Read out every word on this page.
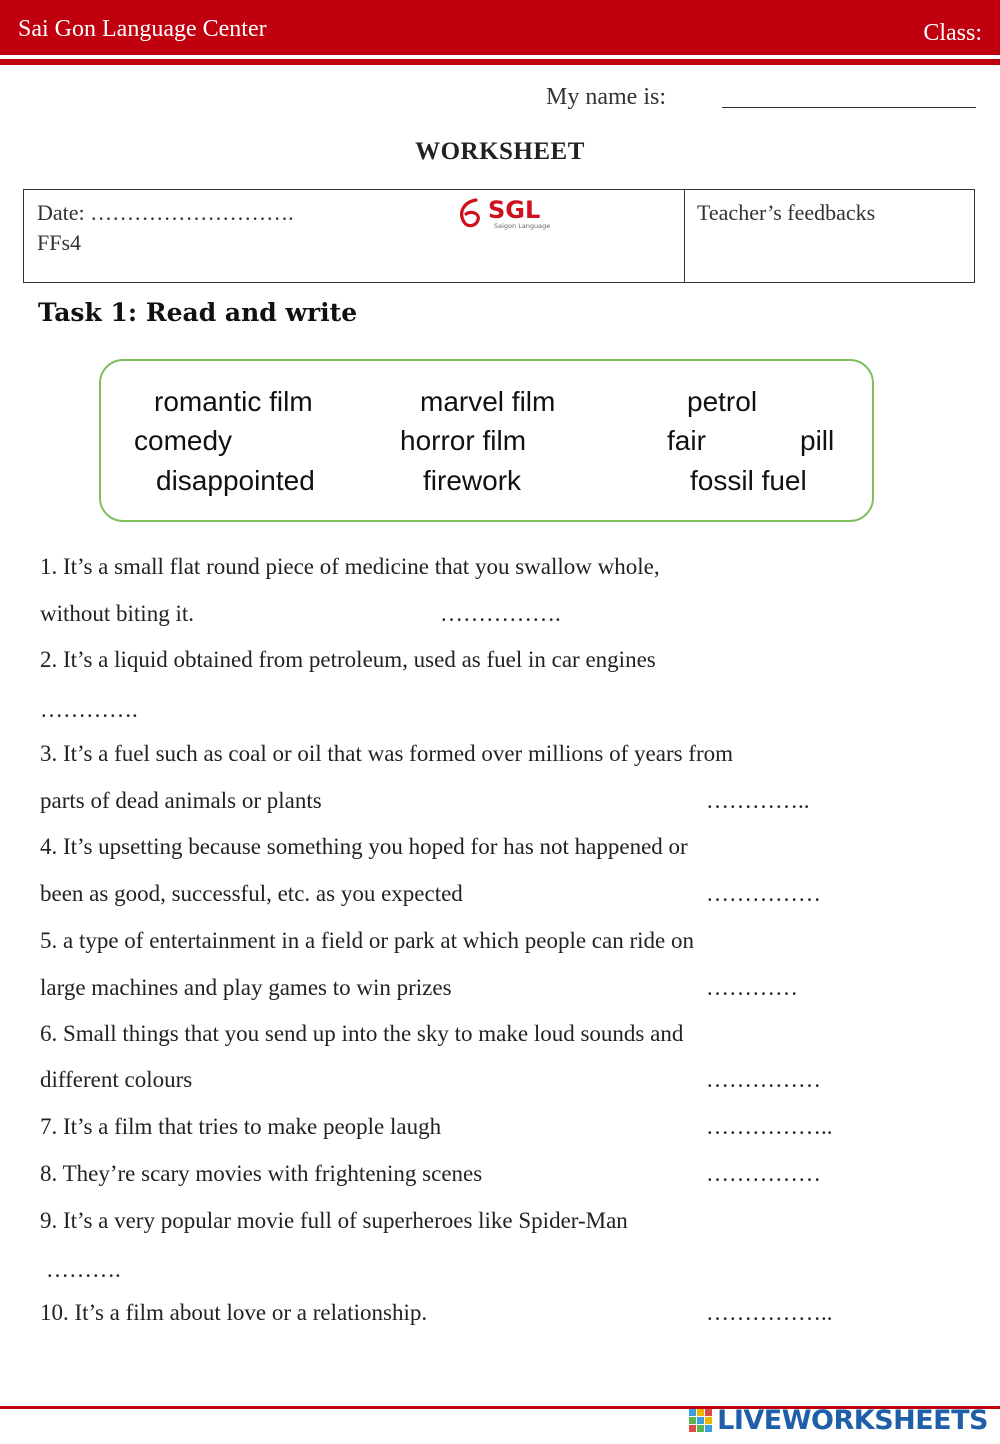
Sai Gon Language Center	Class:
My name is:
WORKSHEET
Date: ……………………….
FFs4
SGL
Saigon Language
Teacher’s feedbacks
Task 1: Read and write
romantic film	marvel film	petrol
comedy	horror film	fair	pill
disappointed	firework	fossil fuel
1. It’s a small flat round piece of medicine that you swallow whole,
without biting it.	…………….
2. It’s a liquid obtained from petroleum, used as fuel in car engines
………….
3. It’s a fuel such as coal or oil that was formed over millions of years from
parts of dead animals or plants	…………..
4. It’s upsetting because something you hoped for has not happened or
been as good, successful, etc. as you expected	……………
5. a type of entertainment in a field or park at which people can ride on
large machines and play games to win prizes	…………
6. Small things that you send up into the sky to make loud sounds and
different colours	……………
7. It’s a film that tries to make people laugh	……………..
8. They’re scary movies with frightening scenes	……………
9. It’s a very popular movie full of superheroes like Spider-Man
……….
10. It’s a film about love or a relationship.	……………..
LIVEWORKSHEETS
